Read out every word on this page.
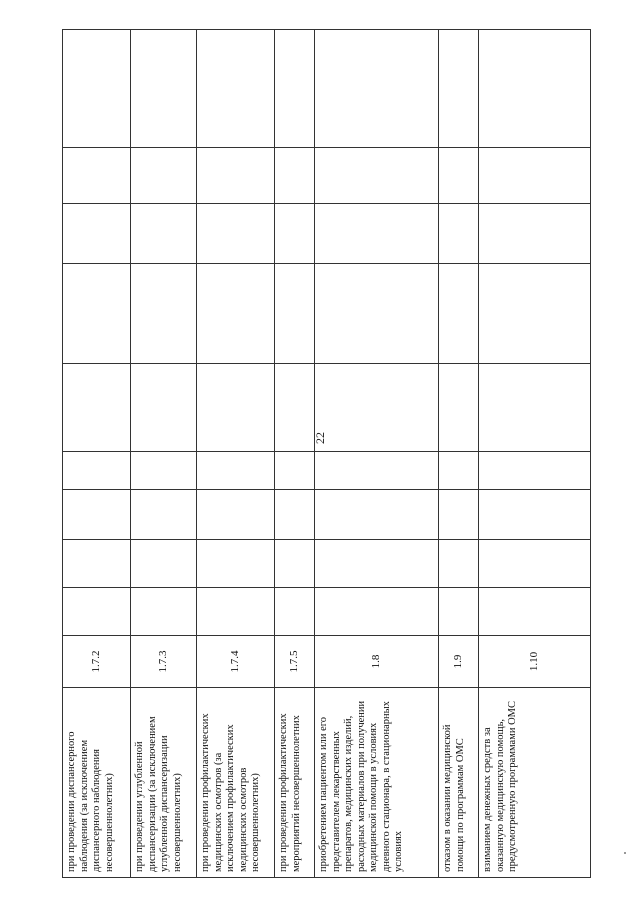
22
при проведении диспансерного наблюдения (за исключением диспансерного наблюдения несовершеннолетних)	1.7.2									
при проведении углубленной диспансеризации (за исключением углубленной диспансеризации несовершеннолетних)	1.7.3									
при проведении профилактических медицинских осмотров (за исключением профилактических медицинских осмотров несовершеннолетних)	1.7.4									
при проведении профилактических мероприятий несовершеннолетних	1.7.5									
приобретением пациентом или его представителем лекарственных препаратов, медицинских изделий, расходных материалов при получении медицинской помощи в условиях дневного стационара, в стационарных условиях	1.8									
отказом в оказании медицинской помощи по программам ОМС	1.9									
взиманием денежных средств за оказанную медицинскую помощь, предусмотренную программами ОМС	1.10									
